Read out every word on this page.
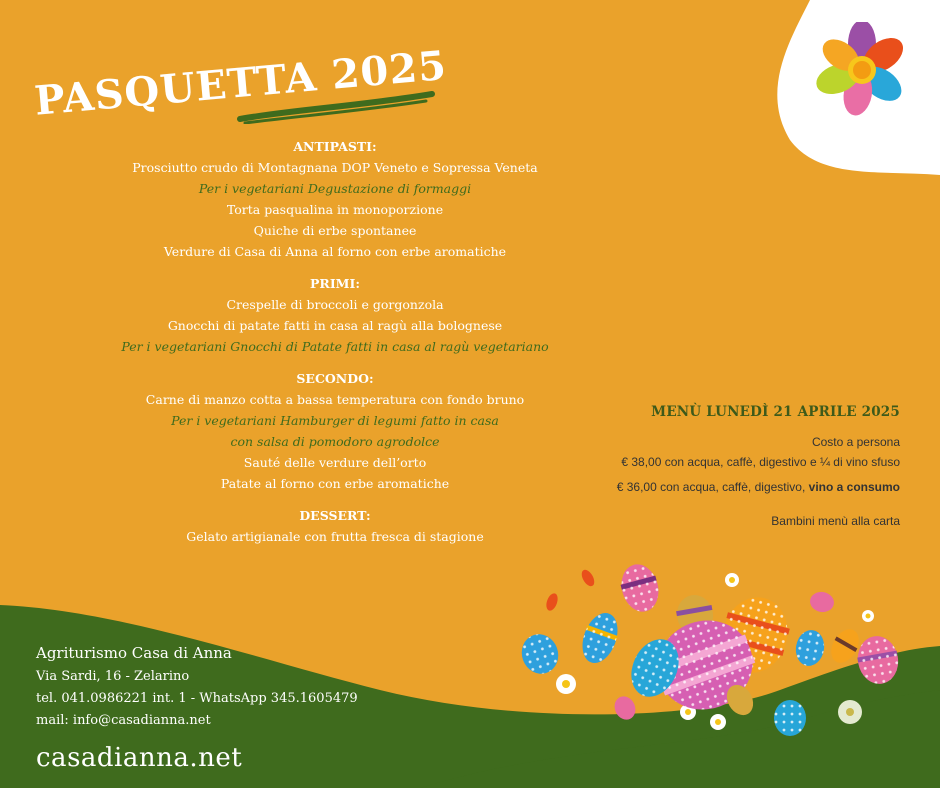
PASQUETTA 2025
ANTIPASTI:
Prosciutto crudo di Montagnana DOP Veneto e Sopressa Veneta
Per i vegetariani Degustazione di formaggi
Torta pasqualina in monoporzione
Quiche di erbe spontanee
Verdure di Casa di Anna al forno con erbe aromatiche
PRIMI:
Crespelle di broccoli e gorgonzola
Gnocchi di patate fatti in casa al ragù alla bolognese
Per i vegetariani Gnocchi di Patate fatti in casa al ragù vegetariano
SECONDO:
Carne di manzo cotta a bassa temperatura con fondo bruno
Per i vegetariani Hamburger di legumi fatto in casa
con salsa di pomodoro agrodolce
Sauté delle verdure dell’orto
Patate al forno con erbe aromatiche
DESSERT:
Gelato artigianale con frutta fresca di stagione
MENÙ LUNEDÌ 21 APRILE 2025
Costo a persona
€ 38,00 con acqua, caffè, digestivo e ¼ di vino sfuso
€ 36,00 con acqua, caffè, digestivo, vino a consumo
Bambini menù alla carta
Agriturismo Casa di Anna
Via Sardi, 16 - Zelarino
tel. 041.0986221 int. 1 - WhatsApp 345.1605479
mail: info@casadianna.net
casadianna.net
